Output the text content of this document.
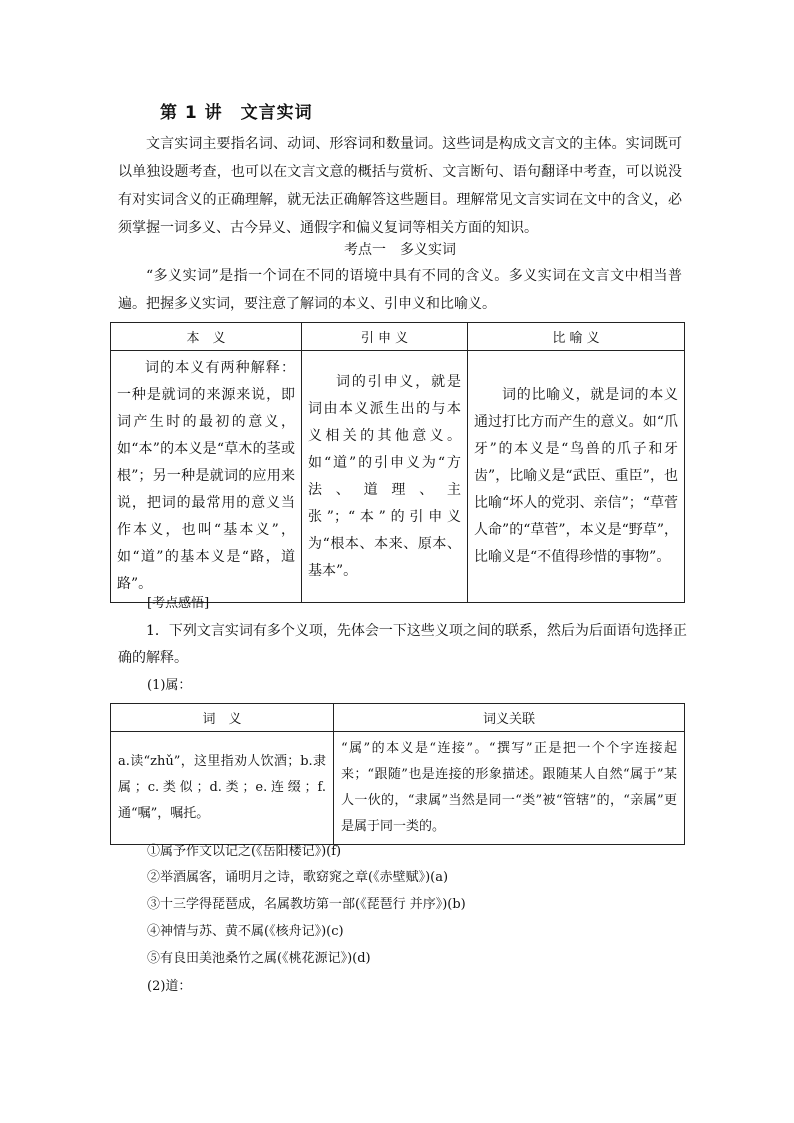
第 1 讲　文言实词
文言实词主要指名词、动词、形容词和数量词。这些词是构成文言文的主体。实词既可以单独设题考查，也可以在文言文意的概括与赏析、文言断句、语句翻译中考查，可以说没有对实词含义的正确理解，就无法正确解答这些题目。理解常见文言实词在文中的含义，必须掌握一词多义、古今异义、通假字和偏义复词等相关方面的知识。
考点一　多义实词
“多义实词”是指一个词在不同的语境中具有不同的含义。多义实词在文言文中相当普遍。把握多义实词，要注意了解词的本义、引申义和比喻义。
本　义	引 申 义	比 喻 义
词的本义有两种解释：一种是就词的来源来说，即词产生时的最初的意义，如“本”的本义是“草木的茎或根”；另一种是就词的应用来说，把词的最常用的意义当作本义，也叫“基本义”，如“道”的基本义是“路，道路”。	词的引申义，就是词由本义派生出的与本义相关的其他意义。如“道”的引申义为“方法、道理、主张”；“本”的引申义为“根本、本来、原本、基本”。	词的比喻义，就是词的本义通过打比方而产生的意义。如“爪牙”的本义是“鸟兽的爪子和牙齿”，比喻义是“武臣、重臣”，也比喻“坏人的党羽、亲信”；“草菅人命”的“草菅”，本义是“野草”，比喻义是“不值得珍惜的事物”。
[考点感悟]
1．下列文言实词有多个义项，先体会一下这些义项之间的联系，然后为后面语句选择正确的解释。
(1)属：
词　义	词义关联
a.读“zhǔ”，这里指劝人饮酒；b.隶属；c.类似；d.类；e.连缀；f.通“嘱”，嘱托。	“属”的本义是“连接”。“撰写”正是把一个个字连接起来；“跟随”也是连接的形象描述。跟随某人自然“属于”某人一伙的，“隶属”当然是同一“类”被“管辖”的，“亲属”更是属于同一类的。
①属予作文以记之(《岳阳楼记》)(f)
②举酒属客，诵明月之诗，歌窈窕之章(《赤壁赋》)(a)
③十三学得琵琶成，名属教坊第一部(《琵琶行 并序》)(b)
④神情与苏、黄不属(《核舟记》)(c)
⑤有良田美池桑竹之属(《桃花源记》)(d)
(2)道：
